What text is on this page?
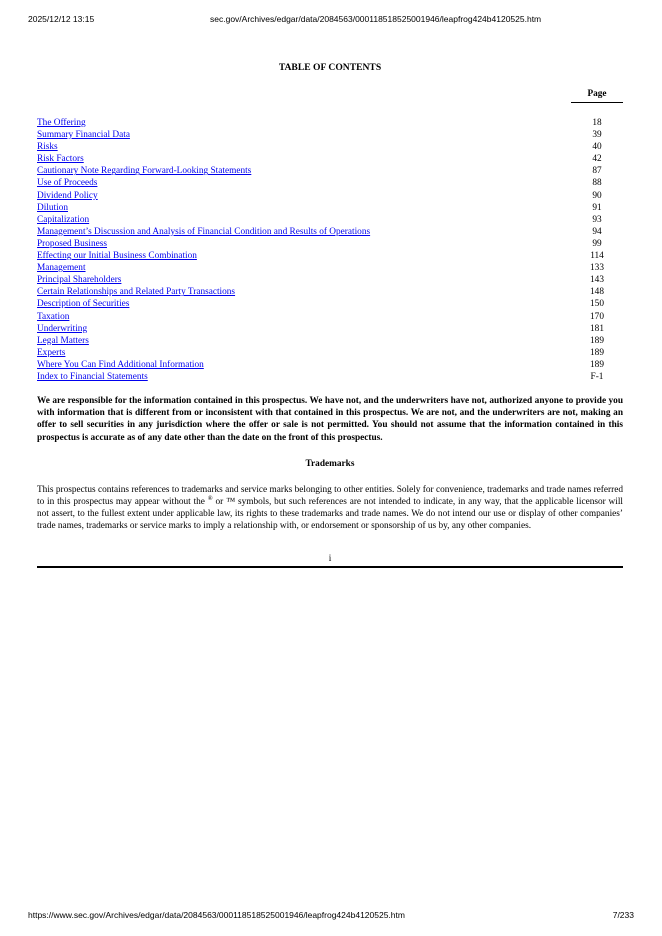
2025/12/12 13:15	sec.gov/Archives/edgar/data/2084563/000118518525001946/leapfrog424b4120525.htm
TABLE OF CONTENTS
Page
The Offering	18
Summary Financial Data	39
Risks	40
Risk Factors	42
Cautionary Note Regarding Forward-Looking Statements	87
Use of Proceeds	88
Dividend Policy	90
Dilution	91
Capitalization	93
Management’s Discussion and Analysis of Financial Condition and Results of Operations	94
Proposed Business	99
Effecting our Initial Business Combination	114
Management	133
Principal Shareholders	143
Certain Relationships and Related Party Transactions	148
Description of Securities	150
Taxation	170
Underwriting	181
Legal Matters	189
Experts	189
Where You Can Find Additional Information	189
Index to Financial Statements	F-1
We are responsible for the information contained in this prospectus. We have not, and the underwriters have not, authorized anyone to provide you with information that is different from or inconsistent with that contained in this prospectus. We are not, and the underwriters are not, making an offer to sell securities in any jurisdiction where the offer or sale is not permitted. You should not assume that the information contained in this prospectus is accurate as of any date other than the date on the front of this prospectus.
Trademarks
This prospectus contains references to trademarks and service marks belonging to other entities. Solely for convenience, trademarks and trade names referred to in this prospectus may appear without the ® or ™ symbols, but such references are not intended to indicate, in any way, that the applicable licensor will not assert, to the fullest extent under applicable law, its rights to these trademarks and trade names. We do not intend our use or display of other companies’ trade names, trademarks or service marks to imply a relationship with, or endorsement or sponsorship of us by, any other companies.
i
https://www.sec.gov/Archives/edgar/data/2084563/000118518525001946/leapfrog424b4120525.htm	7/233
